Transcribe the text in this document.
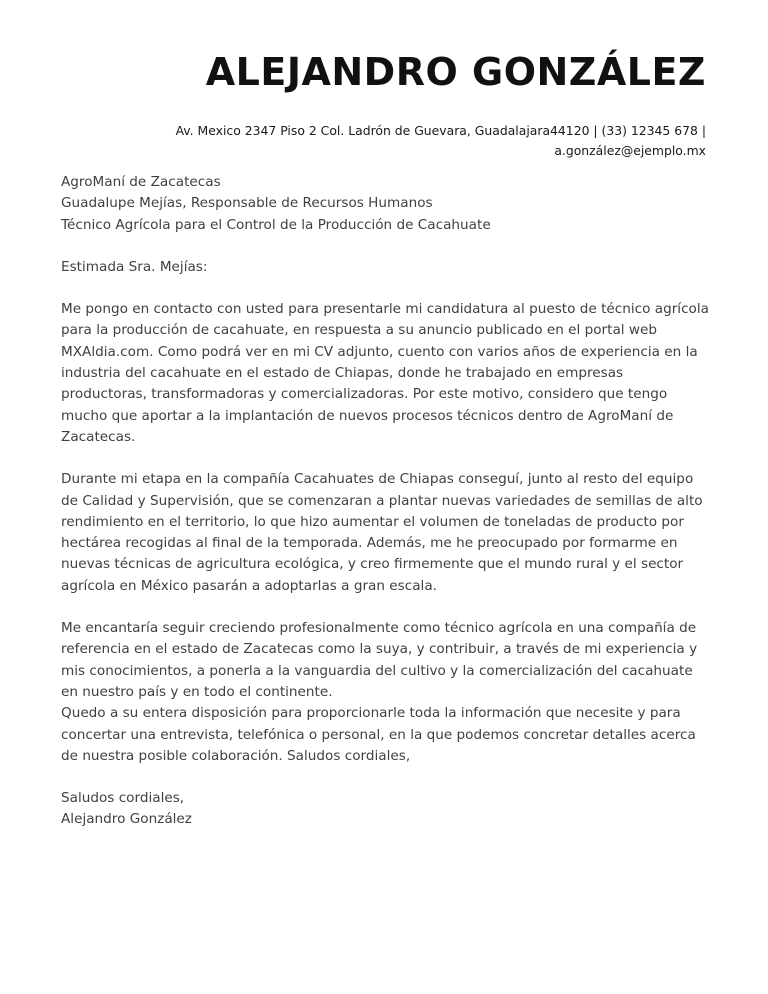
ALEJANDRO GONZÁLEZ
Av. Mexico 2347 Piso 2 Col. Ladrón de Guevara, Guadalajara44120 | (33) 12345 678 |
a.gonzález@ejemplo.mx
AgroManí de Zacatecas
Guadalupe Mejías, Responsable de Recursos Humanos
Técnico Agrícola para el Control de la Producción de Cacahuate

Estimada Sra. Mejías:

Me pongo en contacto con usted para presentarle mi candidatura al puesto de técnico agrícola para la producción de cacahuate, en respuesta a su anuncio publicado en el portal web MXAldia.com. Como podrá ver en mi CV adjunto, cuento con varios años de experiencia en la industria del cacahuate en el estado de Chiapas, donde he trabajado en empresas productoras, transformadoras y comercializadoras. Por este motivo, considero que tengo mucho que aportar a la implantación de nuevos procesos técnicos dentro de AgroManí de Zacatecas.

Durante mi etapa en la compañía Cacahuates de Chiapas conseguí, junto al resto del equipo de Calidad y Supervisión, que se comenzaran a plantar nuevas variedades de semillas de alto rendimiento en el territorio, lo que hizo aumentar el volumen de toneladas de producto por hectárea recogidas al final de la temporada. Además, me he preocupado por formarme en nuevas técnicas de agricultura ecológica, y creo firmemente que el mundo rural y el sector agrícola en México pasarán a adoptarlas a gran escala.

Me encantaría seguir creciendo profesionalmente como técnico agrícola en una compañía de referencia en el estado de Zacatecas como la suya, y contribuir, a través de mi experiencia y mis conocimientos, a ponerla a la vanguardia del cultivo y la comercialización del cacahuate en nuestro país y en todo el continente.

Quedo a su entera disposición para proporcionarle toda la información que necesite y para concertar una entrevista, telefónica o personal, en la que podemos concretar detalles acerca de nuestra posible colaboración. Saludos cordiales,

Saludos cordiales,
Alejandro González
